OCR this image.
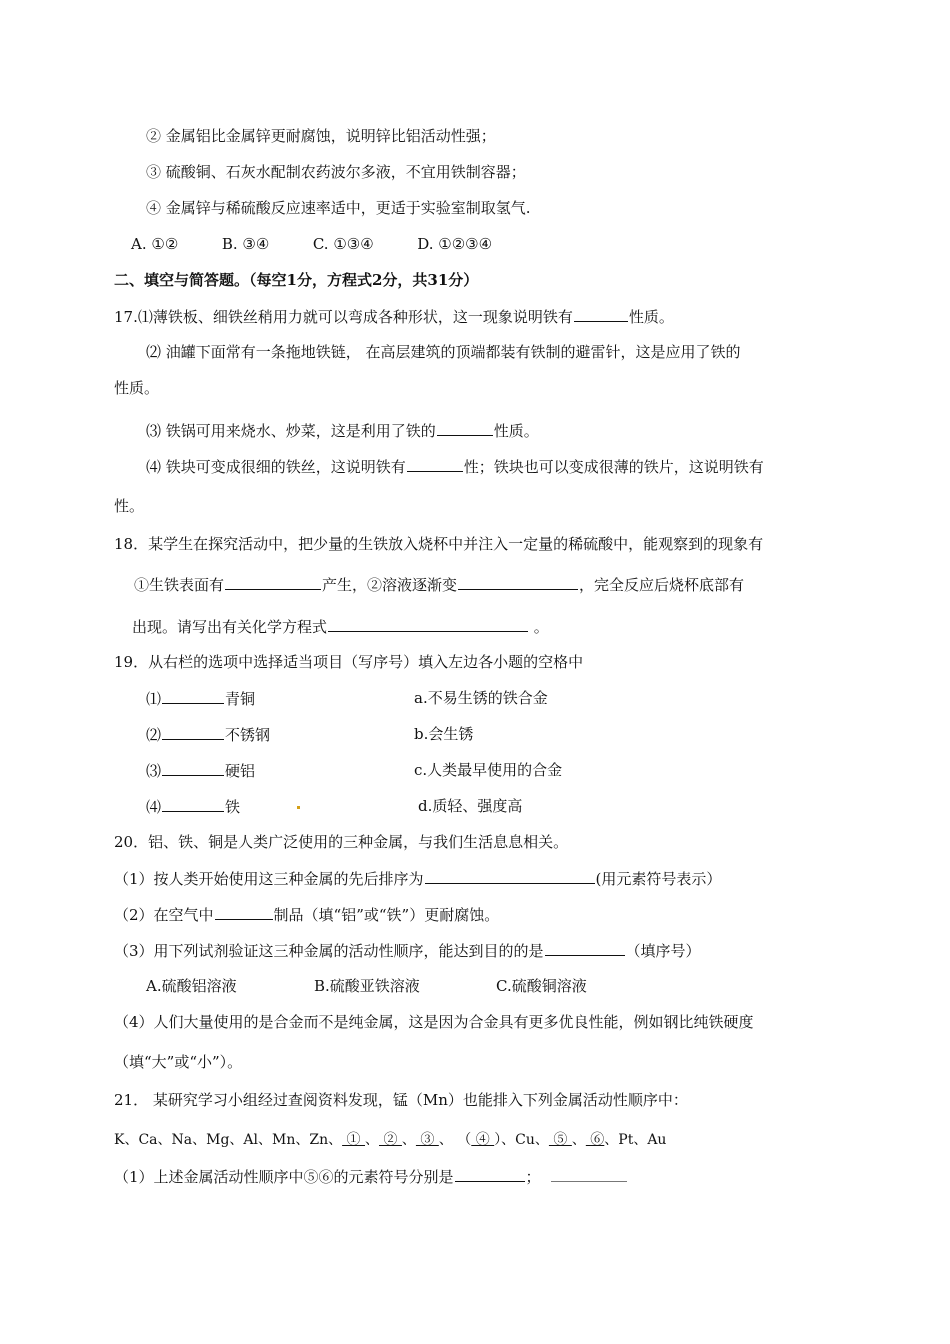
② 金属铝比金属锌更耐腐蚀，说明锌比铝活动性强；
③ 硫酸铜、石灰水配制农药波尔多液，不宜用铁制容器；
④ 金属锌与稀硫酸反应速率适中，更适于实验室制取氢气.
A. ①②	B. ③④	C. ①③④	D. ①②③④
二、填空与简答题。（每空1分，方程式2分，共31分）
17.⑴薄铁板、细铁丝稍用力就可以弯成各种形状，这一现象说明铁有	性质。
⑵ 油罐下面常有一条拖地铁链， 在高层建筑的顶端都装有铁制的避雷针，这是应用了铁的
性质。
⑶ 铁锅可用来烧水、炒菜，这是利用了铁的	性质。
⑷ 铁块可变成很细的铁丝，这说明铁有	性；铁块也可以变成很薄的铁片，这说明铁有
性。
18．某学生在探究活动中，把少量的生铁放入烧杯中并注入一定量的稀硫酸中，能观察到的现象有
①生铁表面有	产生，②溶液逐渐变	，完全反应后烧杯底部有
出现。请写出有关化学方程式	。
19．从右栏的选项中选择适当项目（写序号）填入左边各小题的空格中
⑴	青铜	a.不易生锈的铁合金
⑵	不锈钢	b.会生锈
⑶	硬铝	c.人类最早使用的合金
⑷	铁	d.质轻、强度高
20．铝、铁、铜是人类广泛使用的三种金属，与我们生活息息相关。
（1）按人类开始使用这三种金属的先后排序为	(用元素符号表示）
（2）在空气中	制品（填“铝”或“铁”）更耐腐蚀。
（3）用下列试剂验证这三种金属的活动性顺序，能达到目的的是	（填序号）
A.硫酸铝溶液	B.硫酸亚铁溶液	C.硫酸铜溶液
（4）人们大量使用的是合金而不是纯金属，这是因为合金具有更多优良性能，例如钢比纯铁硬度
（填“大”或“小”）。
21． 某研究学习小组经过查阅资料发现，锰（Mn）也能排入下列金属活动性顺序中：
K、Ca、Na、Mg、Al、Mn、Zn、 ① 、 ② 、 ③ 、 （ ④ ）、Cu、 ⑤ 、 ⑥、Pt、Au
（1）上述金属活动性顺序中⑤⑥的元素符号分别是	；
